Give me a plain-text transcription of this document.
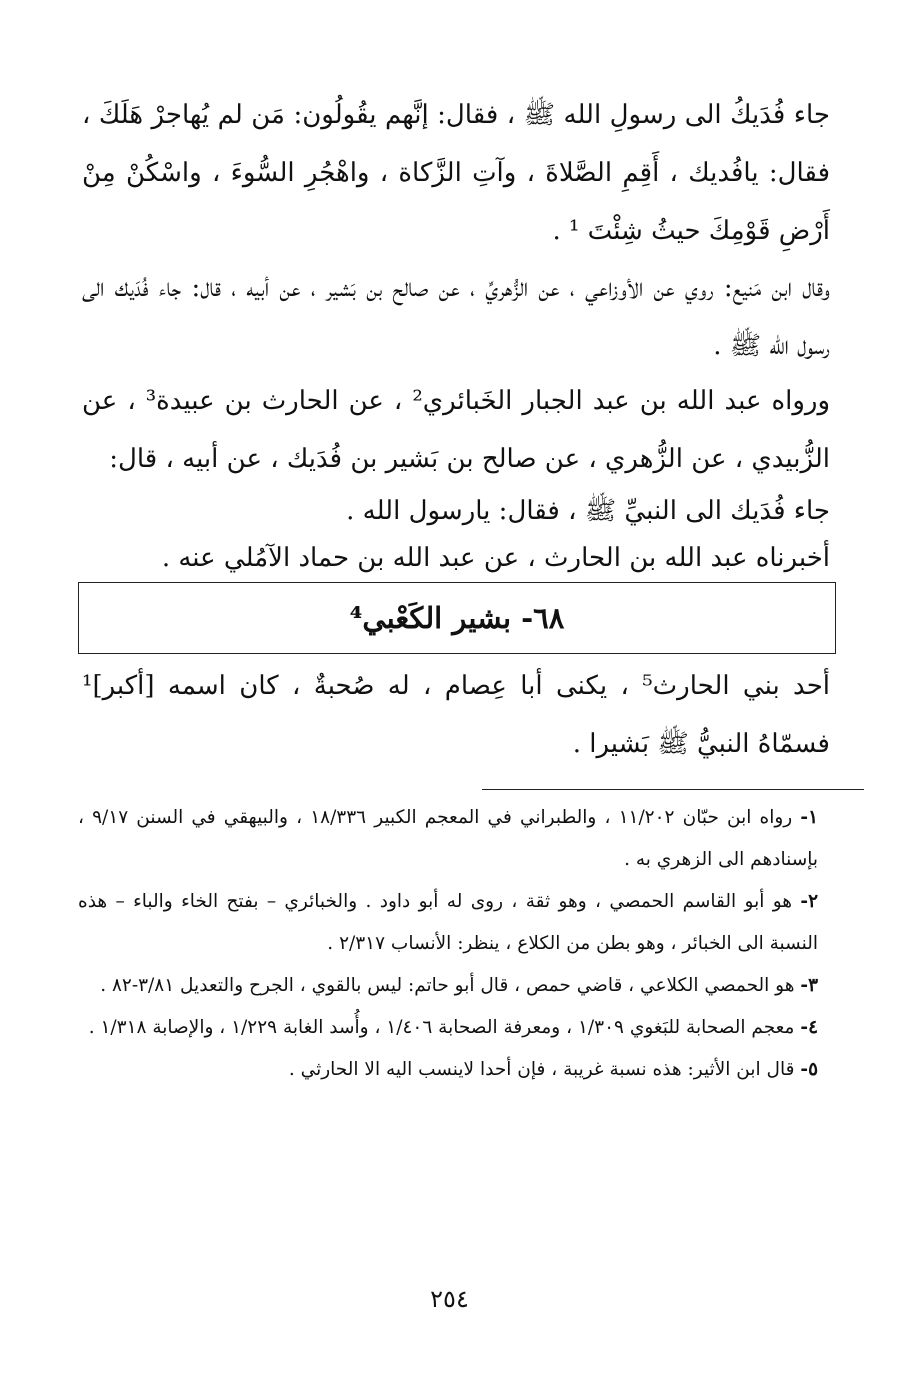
جاء فُدَيكُ الى رسولِ الله ﷺ ، فقال: إنَّهم يقُولُون: مَن لم يُهاجرْ هَلَكَ ، فقال: يافُديك ، أَقِمِ الصَّلاةَ ، وآتِ الزَّكاة ، واهْجُرِ السُّوءَ ، واسْكُنْ مِنْ أَرْضِ قَوْمِكَ حيثُ شِئْتَ ¹ .

وقال ابن مَنيع: روي عن الأوزاعي ، عن الزُّهريِّ ، عن صالح بن بَشير ، عن أبيه ، قال: جاء فُدَيك الى رسول الله ﷺ .

ورواه عبد الله بن عبد الجبار الخَبائري² ، عن الحارث بن عبيدة³ ، عن الزُّبيدي ، عن الزُّهري ، عن صالح بن بَشير بن فُدَيك ، عن أبيه ، قال:

جاء فُدَيك الى النبيِّ ﷺ ، فقال: يارسول الله .

أخبرناه عبد الله بن الحارث ، عن عبد الله بن حماد الآمُلي عنه .

٦٨- بشير الكَعْبي⁴

أحد بني الحارث⁵ ، يكنى أبا عِصام ، له صُحبةٌ ، كان اسمه [أكبر]¹ فسمّاهُ النبيُّ ﷺ بَشيرا .

١- رواه ابن حبّان ١١/٢٠٢ ، والطبراني في المعجم الكبير ١٨/٣٣٦ ، والبيهقي في السنن ٩/١٧ ، بإسنادهم الى الزهري به .

٢- هو أبو القاسم الحمصي ، وهو ثقة ، روى له أبو داود . والخبائري – بفتح الخاء والباء – هذه النسبة الى الخبائر ، وهو بطن من الكلاع ، ينظر: الأنساب ٢/٣١٧ .

٣- هو الحمصي الكلاعي ، قاضي حمص ، قال أبو حاتم: ليس بالقوي ، الجرح والتعديل ٣/٨١-٨٢ .

٤- معجم الصحابة للبَغوي ١/٣٠٩ ، ومعرفة الصحابة ١/٤٠٦ ، وأُسد الغابة ١/٢٢٩ ، والإصابة ١/٣١٨ .

٥- قال ابن الأثير: هذه نسبة غريبة ، فإن أحدا لاينسب اليه الا الحارثي .

٢٥٤
